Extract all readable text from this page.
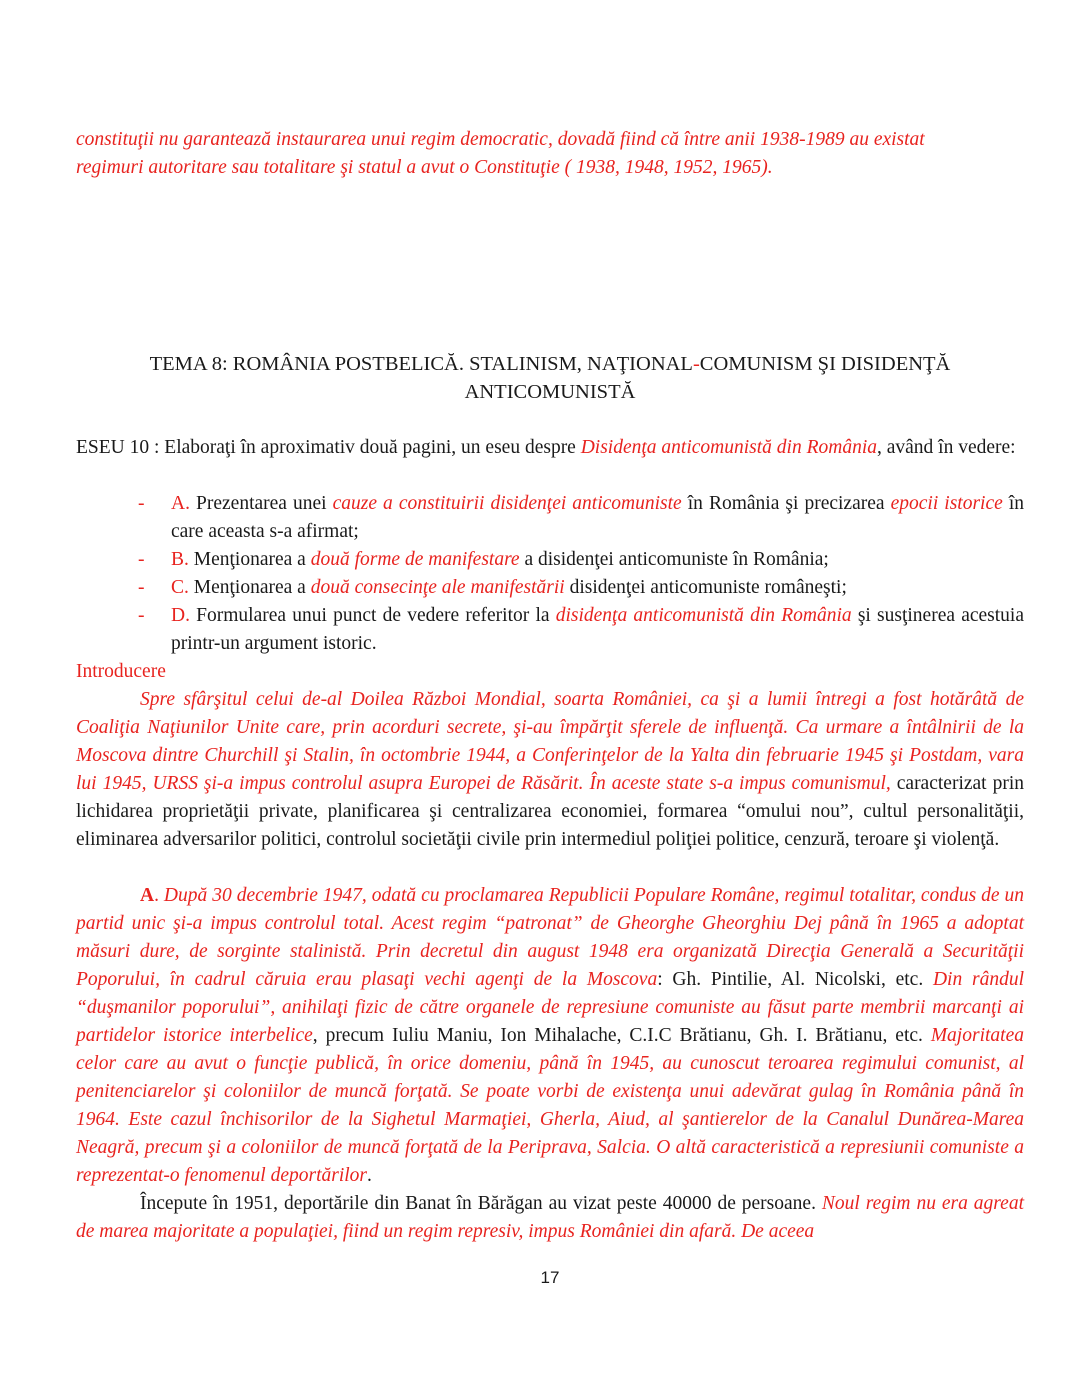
constituţii nu garantează instaurarea unui regim democratic, dovadă fiind că între anii 1938-1989 au existat
regimuri autoritare sau totalitare şi statul a avut o Constituţie ( 1938, 1948, 1952, 1965).
TEMA 8: ROMÂNIA POSTBELICĂ. STALINISM, NAŢIONAL-COMUNISM ŞI DISIDENŢĂ
ANTICOMUNISTĂ
ESEU 10 : Elaboraţi în aproximativ două pagini, un eseu despre Disidenţa anticomunistă din România, având în vedere:
- A. Prezentarea unei cauze a constituirii disidenţei anticomuniste în România şi precizarea epocii istorice în care aceasta s-a afirmat;
- B. Menţionarea a două forme de manifestare a disidenţei anticomuniste în România;
- C. Menţionarea a două consecinţe ale manifestării disidenţei anticomuniste româneşti;
- D. Formularea unui punct de vedere referitor la disidenţa anticomunistă din România şi susţinerea acestuia printr-un argument istoric.
Introducere
Spre sfârşitul celui de-al Doilea Război Mondial, soarta României, ca şi a lumii întregi a fost hotărâtă de Coaliţia Naţiunilor Unite care, prin acorduri secrete, şi-au împărţit sferele de influenţă. Ca urmare a întâlnirii de la Moscova dintre Churchill şi Stalin, în octombrie 1944, a Conferinţelor de la Yalta din februarie 1945 şi Postdam, vara lui 1945, URSS şi-a impus controlul asupra Europei de Răsărit. În aceste state s-a impus comunismul, caracterizat prin lichidarea proprietăţii private, planificarea şi centralizarea economiei, formarea “omului nou”, cultul personalităţii, eliminarea adversarilor politici, controlul societăţii civile prin intermediul poliţiei politice, cenzură, teroare şi violenţă.
A. După 30 decembrie 1947, odată cu proclamarea Republicii Populare Române, regimul totalitar, condus de un partid unic şi-a impus controlul total. Acest regim “patronat” de Gheorghe Gheorghiu Dej până în 1965 a adoptat măsuri dure, de sorginte stalinistă. Prin decretul din august 1948 era organizată Direcţia Generală a Securităţii Poporului, în cadrul căruia erau plasaţi vechi agenţi de la Moscova: Gh. Pintilie, Al. Nicolski, etc. Din rândul “duşmanilor poporului”, anihilaţi fizic de către organele de represiune comuniste au făsut parte membrii marcanţi ai partidelor istorice interbelice, precum Iuliu Maniu, Ion Mihalache, C.I.C Brătianu, Gh. I. Brătianu, etc. Majoritatea celor care au avut o funcţie publică, în orice domeniu, până în 1945, au cunoscut teroarea regimului comunist, al penitenciarelor şi coloniilor de muncă forţată. Se poate vorbi de existenţa unui adevărat gulag în România până în 1964. Este cazul închisorilor de la Sighetul Marmaţiei, Gherla, Aiud, al şantierelor de la Canalul Dunărea-Marea Neagră, precum şi a coloniilor de muncă forţată de la Periprava, Salcia. O altă caracteristică a represiunii comuniste a reprezentat-o fenomenul deportărilor.
Începute în 1951, deportările din Banat în Bărăgan au vizat peste 40000 de persoane. Noul regim nu era agreat de marea majoritate a populaţiei, fiind un regim represiv, impus României din afară. De aceea
17
